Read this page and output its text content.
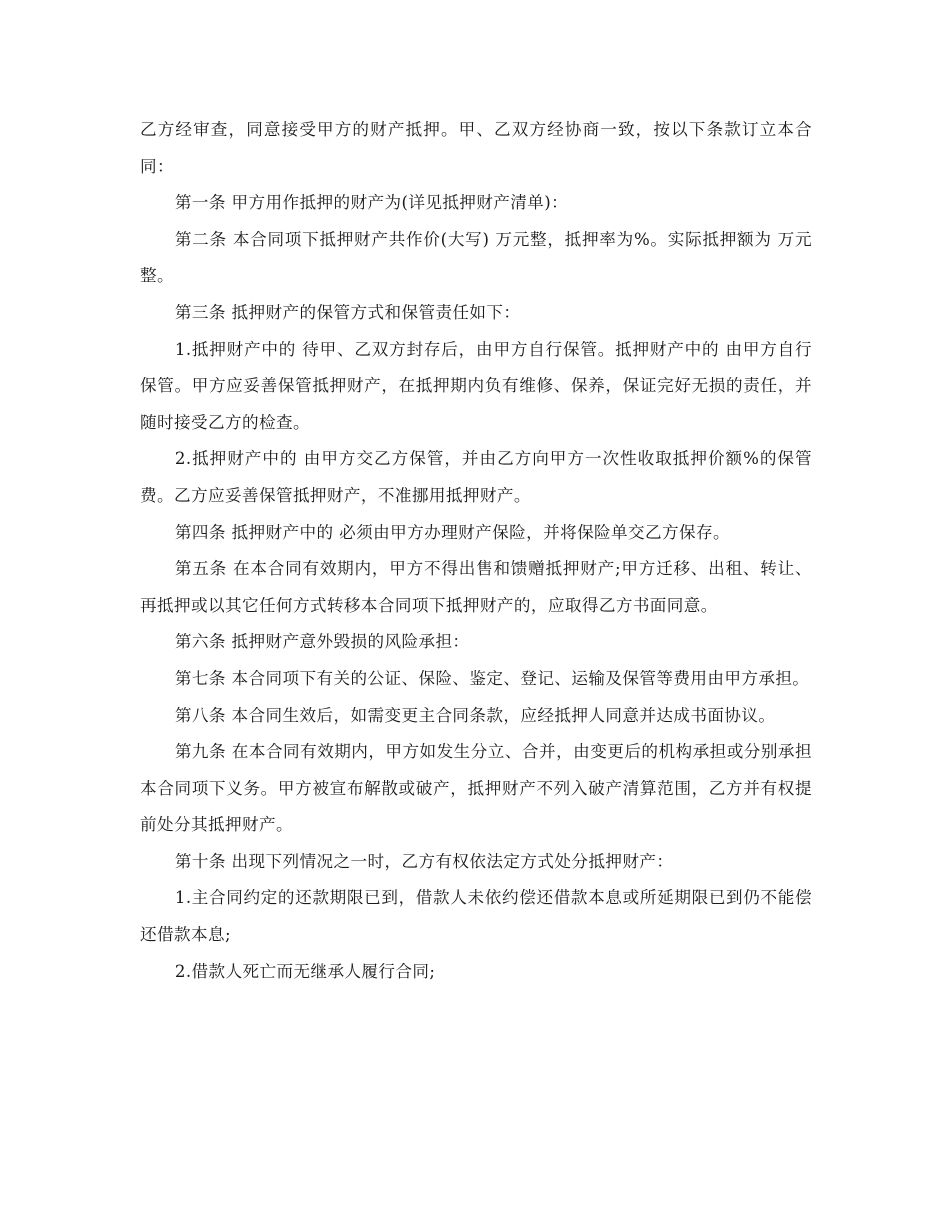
乙方经审查，同意接受甲方的财产抵押。甲、乙双方经协商一致，按以下条款订立本合同：

第一条 甲方用作抵押的财产为(详见抵押财产清单)：

第二条 本合同项下抵押财产共作价(大写) 万元整，抵押率为%。实际抵押额为 万元整。

第三条 抵押财产的保管方式和保管责任如下：

1.抵押财产中的 待甲、乙双方封存后，由甲方自行保管。抵押财产中的 由甲方自行保管。甲方应妥善保管抵押财产，在抵押期内负有维修、保养，保证完好无损的责任，并随时接受乙方的检查。

2.抵押财产中的 由甲方交乙方保管，并由乙方向甲方一次性收取抵押价额%的保管费。乙方应妥善保管抵押财产，不准挪用抵押财产。

第四条 抵押财产中的 必须由甲方办理财产保险，并将保险单交乙方保存。

第五条 在本合同有效期内，甲方不得出售和馈赠抵押财产;甲方迁移、出租、转让、再抵押或以其它任何方式转移本合同项下抵押财产的，应取得乙方书面同意。

第六条 抵押财产意外毁损的风险承担：

第七条 本合同项下有关的公证、保险、鉴定、登记、运输及保管等费用由甲方承担。

第八条 本合同生效后，如需变更主合同条款，应经抵押人同意并达成书面协议。

第九条 在本合同有效期内，甲方如发生分立、合并，由变更后的机构承担或分别承担本合同项下义务。甲方被宣布解散或破产，抵押财产不列入破产清算范围，乙方并有权提前处分其抵押财产。

第十条 出现下列情况之一时，乙方有权依法定方式处分抵押财产：

1.主合同约定的还款期限已到，借款人未依约偿还借款本息或所延期限已到仍不能偿还借款本息;

2.借款人死亡而无继承人履行合同;
